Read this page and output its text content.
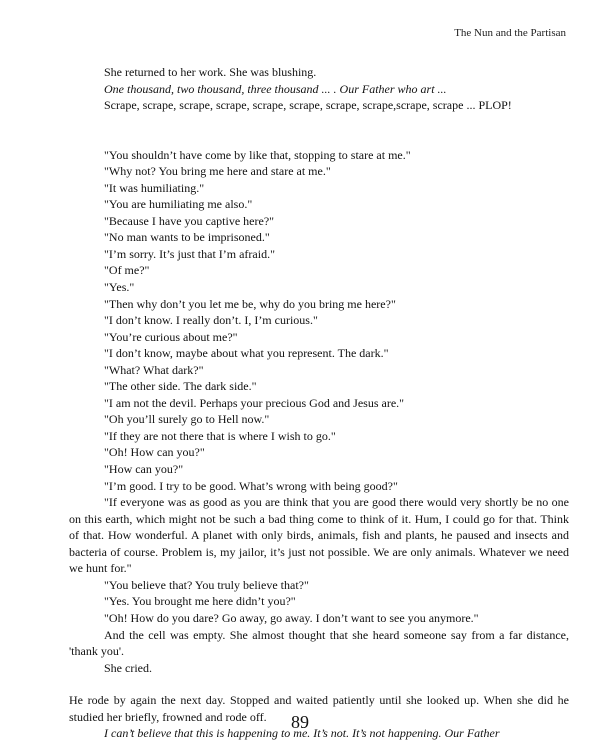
The Nun and the Partisan

She returned to her work. She was blushing.

One thousand, two thousand, three thousand ... . Our Father who art ...

Scrape, scrape, scrape, scrape, scrape, scrape, scrape, scrape,scrape, scrape ... PLOP!

"You shouldn’t have come by like that, stopping to stare at me."

"Why not? You bring me here and stare at me."

"It was humiliating."

"You are humiliating me also."

"Because I have you captive here?"

"No man wants to be imprisoned."

"I’m sorry. It’s just that I’m afraid."

"Of me?"

"Yes."

"Then why don’t you let me be, why do you bring me here?"

"I don’t know. I really don’t. I, I’m curious."

"You’re curious about me?"

"I don’t know, maybe about what you represent. The dark."

"What? What dark?"

"The other side. The dark side."

"I am not the devil. Perhaps your precious God and Jesus are."

"Oh you’ll surely go to Hell now."

"If they are not there that is where I wish to go."

"Oh! How can you?"

"How can you?"

"I’m good. I try to be good. What’s wrong with being good?"

"If everyone was as good as you are think that you are good there would very shortly be no one on this earth, which might not be such a bad thing come to think of it. Hum, I could go for that. Think of that. How wonderful. A planet with only birds, animals, fish and plants, he paused and insects and bacteria of course. Problem is, my jailor, it’s just not possible. We are only animals. Whatever we need we hunt for."

"You believe that? You truly believe that?"

"Yes. You brought me here didn’t you?"

"Oh! How do you dare? Go away, go away. I don’t want to see you anymore."

And the cell was empty. She almost thought that she heard someone say from a far distance, 'thank you'.

She cried.

He rode by again the next day. Stopped and waited patiently until she looked up. When she did he studied her briefly, frowned and rode off.

I can’t believe that this is happening to me. It’s not. It’s not happening. Our Father

89
